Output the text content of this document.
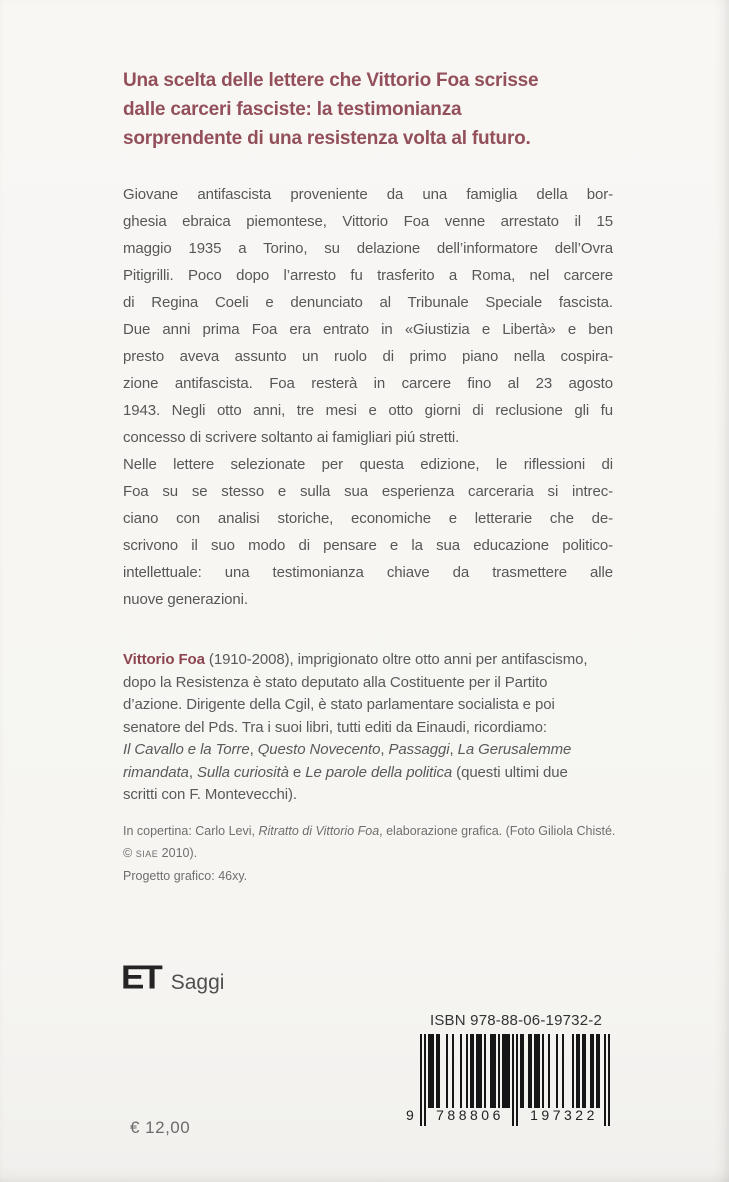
Una scelta delle lettere che Vittorio Foa scrisse
dalle carceri fasciste: la testimonianza
sorprendente di una resistenza volta al futuro.
Giovane antifascista proveniente da una famiglia della bor-
ghesia ebraica piemontese, Vittorio Foa venne arrestato il 15
maggio 1935 a Torino, su delazione dell’informatore dell’Ovra
Pitigrilli. Poco dopo l’arresto fu trasferito a Roma, nel carcere
di Regina Coeli e denunciato al Tribunale Speciale fascista.
Due anni prima Foa era entrato in «Giustizia e Libertà» e ben
presto aveva assunto un ruolo di primo piano nella cospira-
zione antifascista. Foa resterà in carcere fino al 23 agosto
1943. Negli otto anni, tre mesi e otto giorni di reclusione gli fu
concesso di scrivere soltanto ai famigliari piú stretti.
Nelle lettere selezionate per questa edizione, le riflessioni di
Foa su se stesso e sulla sua esperienza carceraria si intrec-
ciano con analisi storiche, economiche e letterarie che de-
scrivono il suo modo di pensare e la sua educazione politico-
intellettuale: una testimonianza chiave da trasmettere alle
nuove generazioni.
Vittorio Foa (1910-2008), imprigionato oltre otto anni per antifascismo,
dopo la Resistenza è stato deputato alla Costituente per il Partito
d’azione. Dirigente della Cgil, è stato parlamentare socialista e poi
senatore del Pds. Tra i suoi libri, tutti editi da Einaudi, ricordiamo:
Il Cavallo e la Torre, Questo Novecento, Passaggi, La Gerusalemme
rimandata, Sulla curiosità e Le parole della politica (questi ultimi due
scritti con F. Montevecchi).
In copertina: Carlo Levi, Ritratto di Vittorio Foa, elaborazione grafica. (Foto Giliola Chisté.
© SIAE 2010).
Progetto grafico: 46xy.
ET Saggi
ISBN 978-88-06-19732-2
9	788806	197322
€ 12,00
